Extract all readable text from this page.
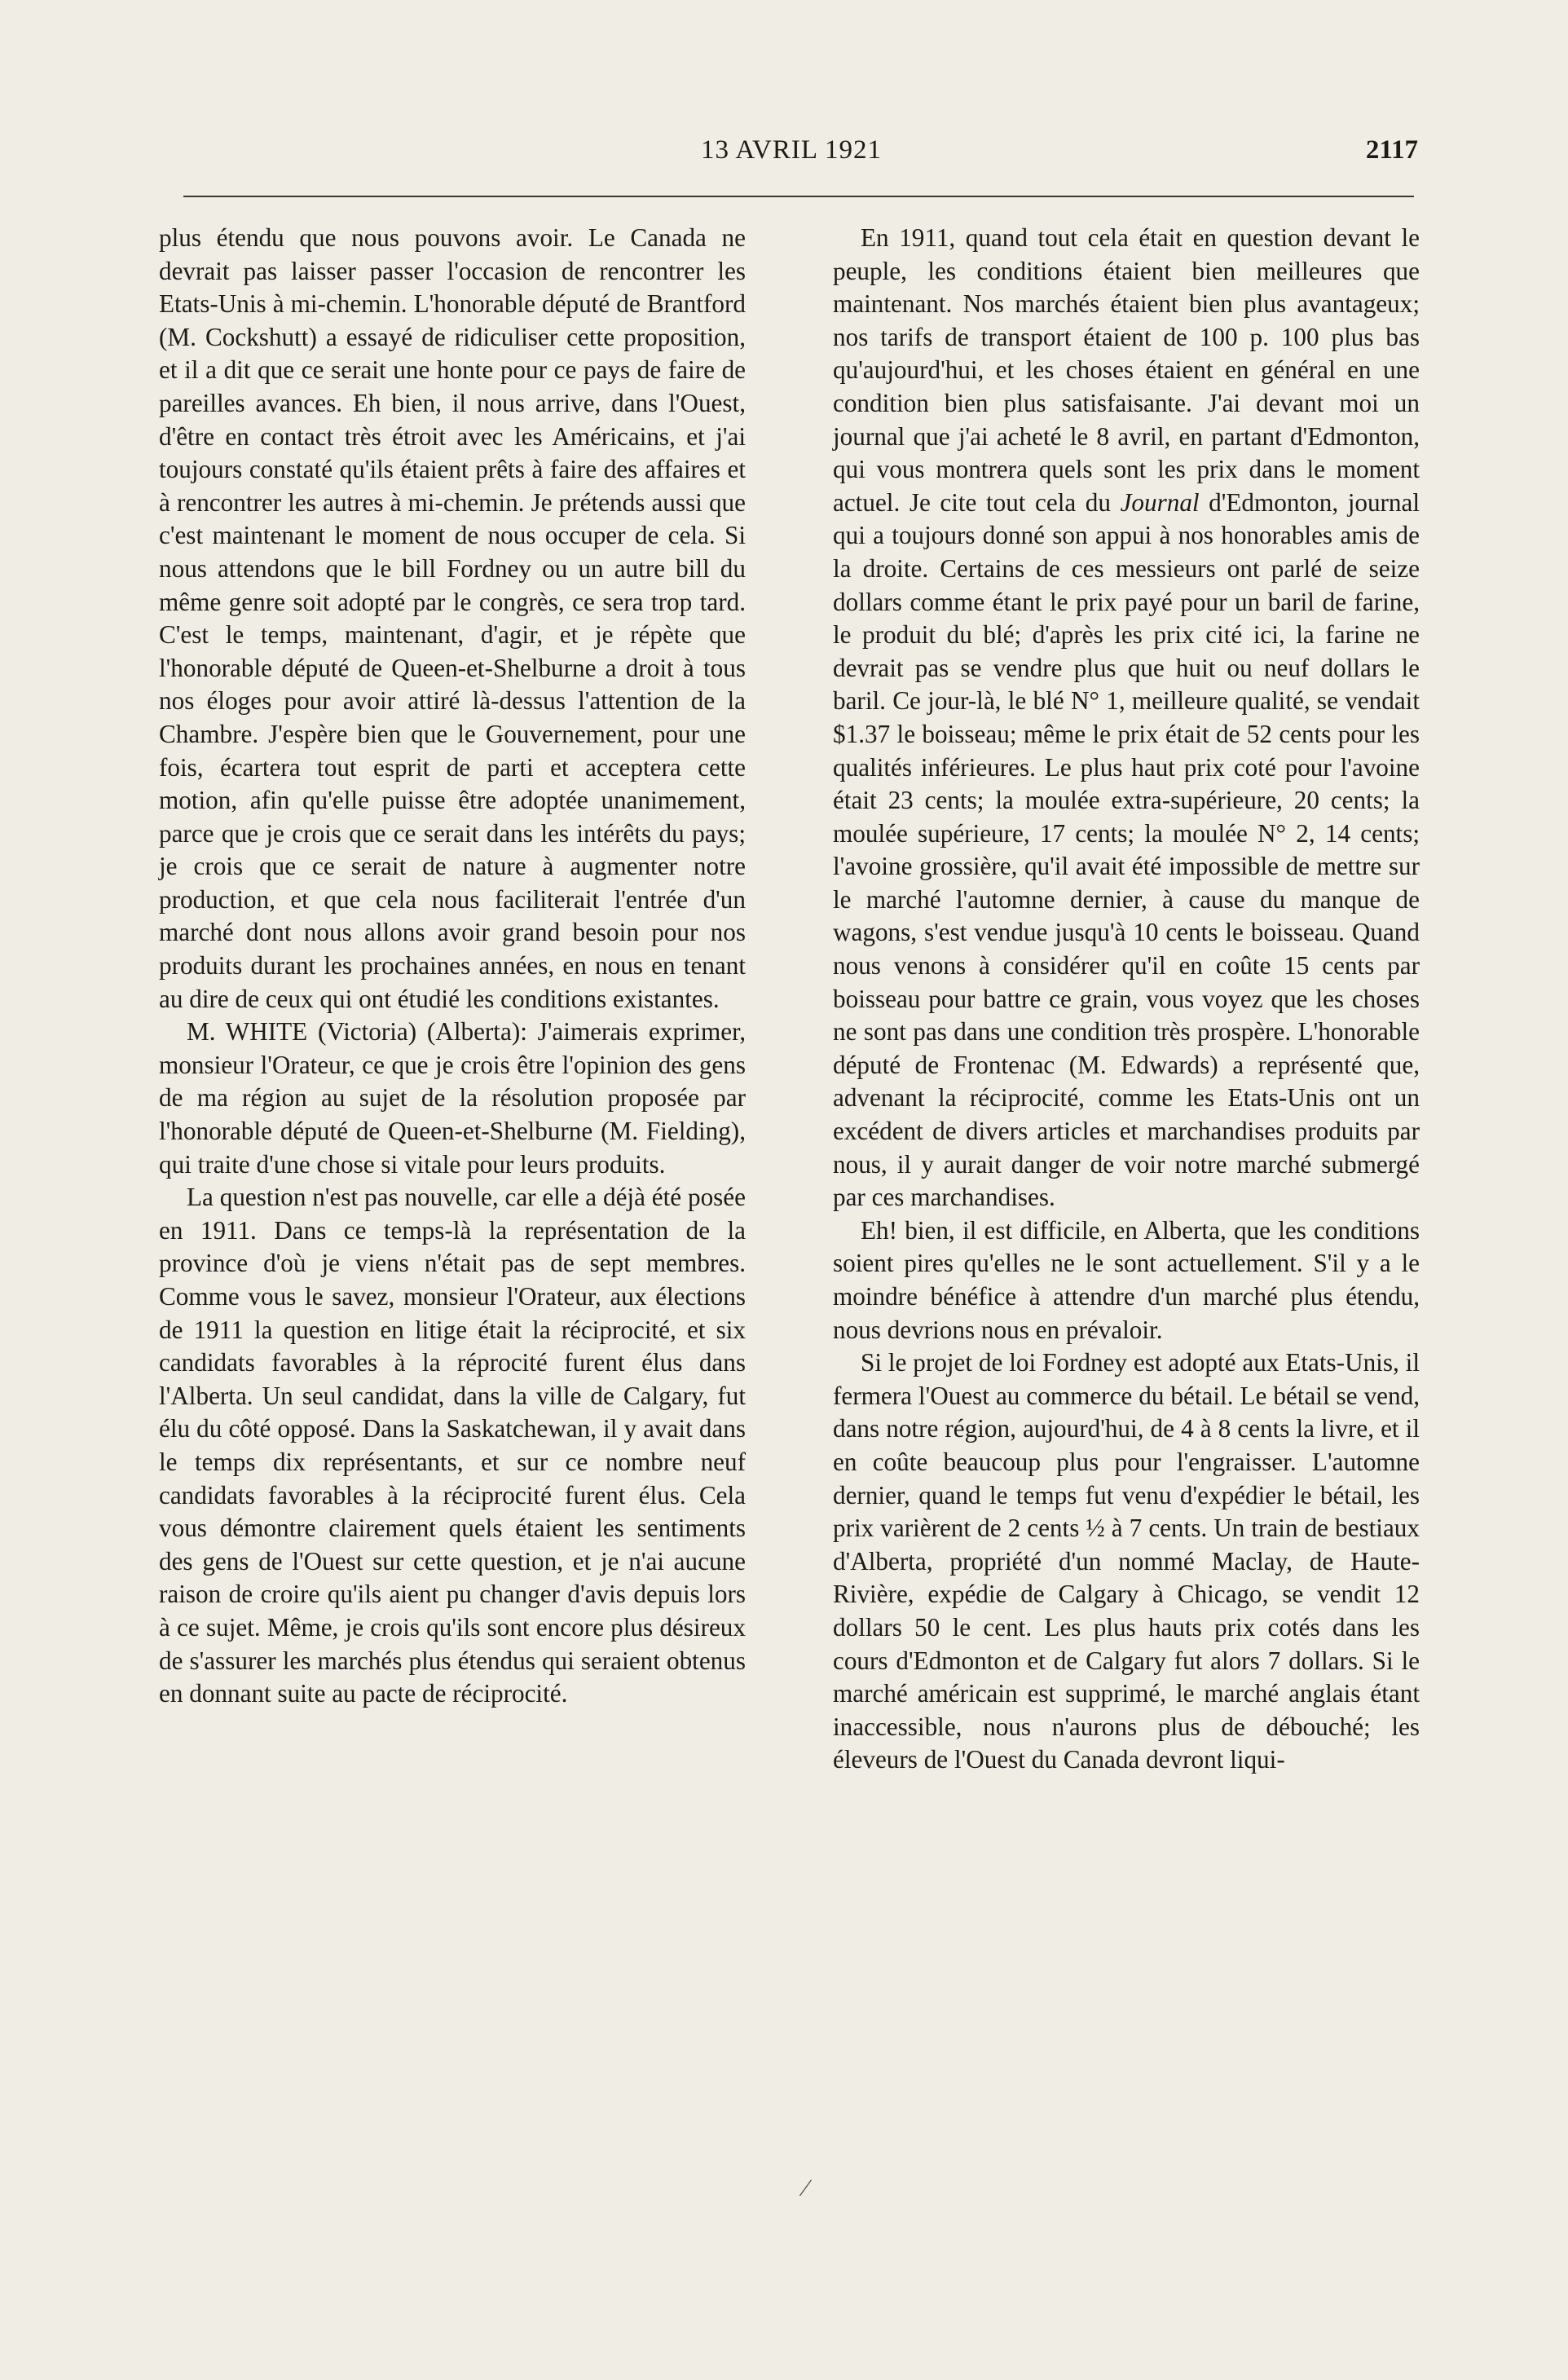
13 AVRIL 1921	2117

plus étendu que nous pouvons avoir. Le Canada ne devrait pas laisser passer l'occasion de rencontrer les Etats-Unis à mi-chemin. L'honorable député de Brantford (M. Cockshutt) a essayé de ridiculiser cette proposition, et il a dit que ce serait une honte pour ce pays de faire de pareilles avances. Eh bien, il nous arrive, dans l'Ouest, d'être en contact très étroit avec les Américains, et j'ai toujours constaté qu'ils étaient prêts à faire des affaires et à rencontrer les autres à mi-chemin. Je prétends aussi que c'est maintenant le moment de nous occuper de cela. Si nous attendons que le bill Fordney ou un autre bill du même genre soit adopté par le congrès, ce sera trop tard. C'est le temps, maintenant, d'agir, et je répète que l'honorable député de Queen-et-Shelburne a droit à tous nos éloges pour avoir attiré là-dessus l'attention de la Chambre. J'espère bien que le Gouvernement, pour une fois, écartera tout esprit de parti et acceptera cette motion, afin qu'elle puisse être adoptée unanimement, parce que je crois que ce serait dans les intérêts du pays; je crois que ce serait de nature à augmenter notre production, et que cela nous faciliterait l'entrée d'un marché dont nous allons avoir grand besoin pour nos produits durant les prochaines années, en nous en tenant au dire de ceux qui ont étudié les conditions existantes.

M. WHITE (Victoria) (Alberta): J'aimerais exprimer, monsieur l'Orateur, ce que je crois être l'opinion des gens de ma région au sujet de la résolution proposée par l'honorable député de Queen-et-Shelburne (M. Fielding), qui traite d'une chose si vitale pour leurs produits.

La question n'est pas nouvelle, car elle a déjà été posée en 1911. Dans ce temps-là la représentation de la province d'où je viens n'était pas de sept membres. Comme vous le savez, monsieur l'Orateur, aux élections de 1911 la question en litige était la réciprocité, et six candidats favorables à la réprocité furent élus dans l'Alberta. Un seul candidat, dans la ville de Calgary, fut élu du côté opposé. Dans la Saskatchewan, il y avait dans le temps dix représentants, et sur ce nombre neuf candidats favorables à la réciprocité furent élus. Cela vous démontre clairement quels étaient les sentiments des gens de l'Ouest sur cette question, et je n'ai aucune raison de croire qu'ils aient pu changer d'avis depuis lors à ce sujet. Même, je crois qu'ils sont encore plus désireux de s'assurer les marchés plus étendus qui seraient obtenus en donnant suite au pacte de réciprocité.

En 1911, quand tout cela était en question devant le peuple, les conditions étaient bien meilleures que maintenant. Nos marchés étaient bien plus avantageux; nos tarifs de transport étaient de 100 p. 100 plus bas qu'aujourd'hui, et les choses étaient en général en une condition bien plus satisfaisante. J'ai devant moi un journal que j'ai acheté le 8 avril, en partant d'Edmonton, qui vous montrera quels sont les prix dans le moment actuel. Je cite tout cela du Journal d'Edmonton, journal qui a toujours donné son appui à nos honorables amis de la droite. Certains de ces messieurs ont parlé de seize dollars comme étant le prix payé pour un baril de farine, le produit du blé; d'après les prix cité ici, la farine ne devrait pas se vendre plus que huit ou neuf dollars le baril. Ce jour-là, le blé N° 1, meilleure qualité, se vendait $1.37 le boisseau; même le prix était de 52 cents pour les qualités inférieures. Le plus haut prix coté pour l'avoine était 23 cents; la moulée extra-supérieure, 20 cents; la moulée supérieure, 17 cents; la moulée N° 2, 14 cents; l'avoine grossière, qu'il avait été impossible de mettre sur le marché l'automne dernier, à cause du manque de wagons, s'est vendue jusqu'à 10 cents le boisseau. Quand nous venons à considérer qu'il en coûte 15 cents par boisseau pour battre ce grain, vous voyez que les choses ne sont pas dans une condition très prospère. L'honorable député de Frontenac (M. Edwards) a représenté que, advenant la réciprocité, comme les Etats-Unis ont un excédent de divers articles et marchandises produits par nous, il y aurait danger de voir notre marché submergé par ces marchandises.

Eh! bien, il est difficile, en Alberta, que les conditions soient pires qu'elles ne le sont actuellement. S'il y a le moindre bénéfice à attendre d'un marché plus étendu, nous devrions nous en prévaloir.

Si le projet de loi Fordney est adopté aux Etats-Unis, il fermera l'Ouest au commerce du bétail. Le bétail se vend, dans notre région, aujourd'hui, de 4 à 8 cents la livre, et il en coûte beaucoup plus pour l'engraisser. L'automne dernier, quand le temps fut venu d'expédier le bétail, les prix varièrent de 2 cents ½ à 7 cents. Un train de bestiaux d'Alberta, propriété d'un nommé Maclay, de Haute-Rivière, expédie de Calgary à Chicago, se vendit 12 dollars 50 le cent. Les plus hauts prix cotés dans les cours d'Edmonton et de Calgary fut alors 7 dollars. Si le marché américain est supprimé, le marché anglais étant inaccessible, nous n'aurons plus de débouché; les éleveurs de l'Ouest du Canada devront liqui-

⁄
